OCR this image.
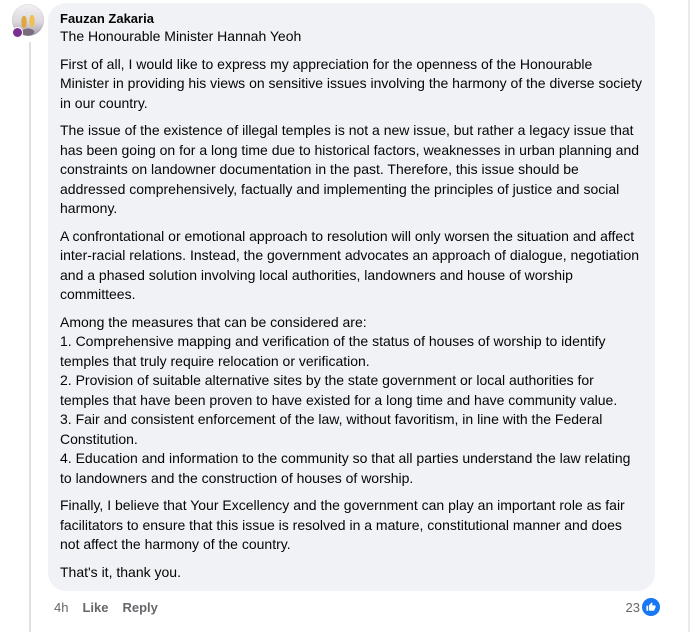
Fauzan Zakaria
The Honourable Minister Hannah Yeoh
First of all, I would like to express my appreciation for the openness of the Honourable Minister in providing his views on sensitive issues involving the harmony of the diverse society in our country.
The issue of the existence of illegal temples is not a new issue, but rather a legacy issue that has been going on for a long time due to historical factors, weaknesses in urban planning and constraints on landowner documentation in the past. Therefore, this issue should be addressed comprehensively, factually and implementing the principles of justice and social harmony.
A confrontational or emotional approach to resolution will only worsen the situation and affect inter-racial relations. Instead, the government advocates an approach of dialogue, negotiation and a phased solution involving local authorities, landowners and house of worship committees.
Among the measures that can be considered are:
1. Comprehensive mapping and verification of the status of houses of worship to identify temples that truly require relocation or verification.
2. Provision of suitable alternative sites by the state government or local authorities for temples that have been proven to have existed for a long time and have community value.
3. Fair and consistent enforcement of the law, without favoritism, in line with the Federal Constitution.
4. Education and information to the community so that all parties understand the law relating to landowners and the construction of houses of worship.
Finally, I believe that Your Excellency and the government can play an important role as fair facilitators to ensure that this issue is resolved in a mature, constitutional manner and does not affect the harmony of the country.
That's it, thank you.
4h Like Reply	23
